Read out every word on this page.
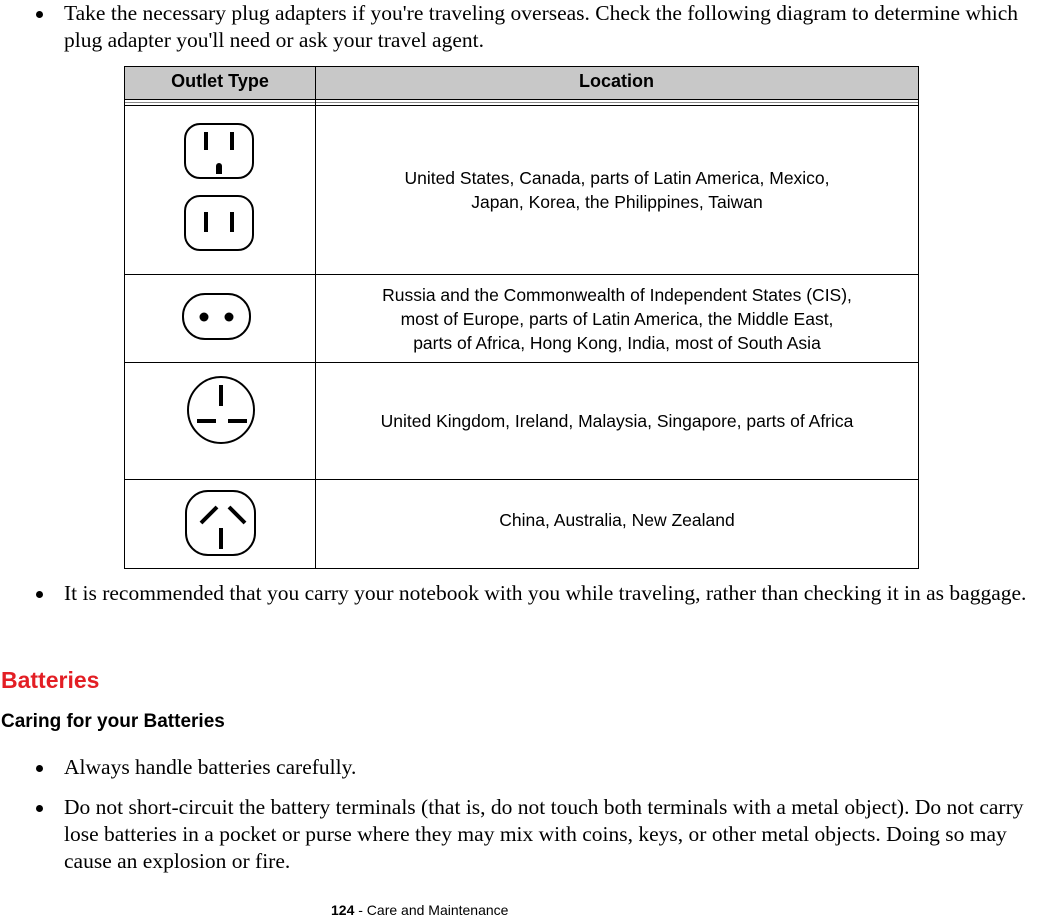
Take the necessary plug adapters if you're traveling overseas. Check the following diagram to determine which plug adapter you'll need or ask your travel agent.
Outlet Type	Location
United States, Canada, parts of Latin America, Mexico,
Japan, Korea, the Philippines, Taiwan
Russia and the Commonwealth of Independent States (CIS),
most of Europe, parts of Latin America, the Middle East,
parts of Africa, Hong Kong, India, most of South Asia
United Kingdom, Ireland, Malaysia, Singapore, parts of Africa
China, Australia, New Zealand
It is recommended that you carry your notebook with you while traveling, rather than checking it in as baggage.
Batteries
Caring for your Batteries
Always handle batteries carefully.
Do not short-circuit the battery terminals (that is, do not touch both terminals with a metal object). Do not carry lose batteries in a pocket or purse where they may mix with coins, keys, or other metal objects. Doing so may cause an explosion or fire.
124 - Care and Maintenance
